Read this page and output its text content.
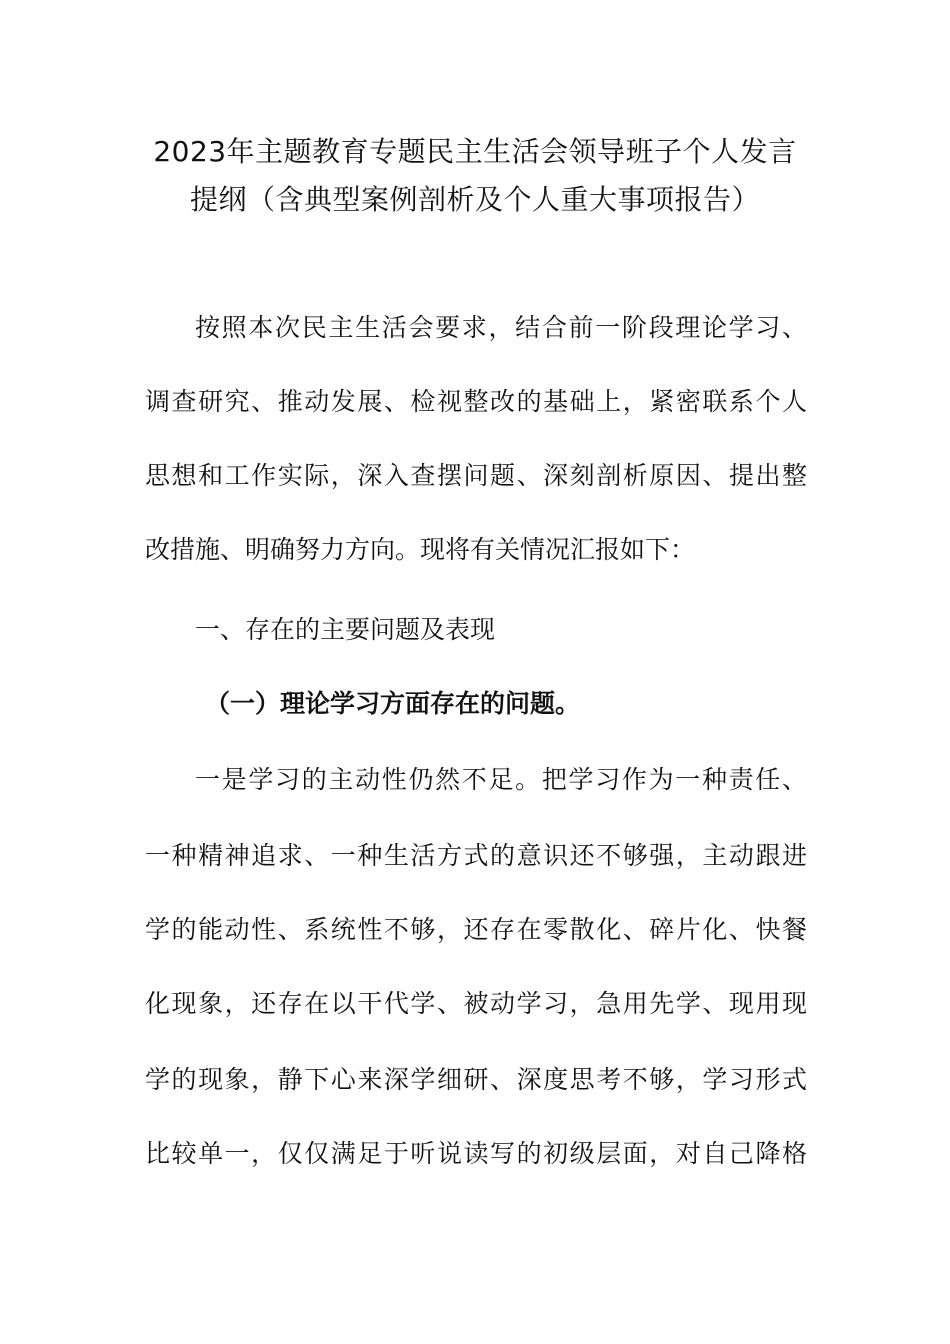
2023年主题教育专题民主生活会领导班子个人发言
提纲（含典型案例剖析及个人重大事项报告）
按照本次民主生活会要求，结合前一阶段理论学习、
调查研究、推动发展、检视整改的基础上，紧密联系个人
思想和工作实际，深入查摆问题、深刻剖析原因、提出整
改措施、明确努力方向。现将有关情况汇报如下：
一、存在的主要问题及表现
（一）理论学习方面存在的问题。
一是学习的主动性仍然不足。把学习作为一种责任、
一种精神追求、一种生活方式的意识还不够强，主动跟进
学的能动性、系统性不够，还存在零散化、碎片化、快餐
化现象，还存在以干代学、被动学习，急用先学、现用现
学的现象，静下心来深学细研、深度思考不够，学习形式
比较单一，仅仅满足于听说读写的初级层面，对自己降格
